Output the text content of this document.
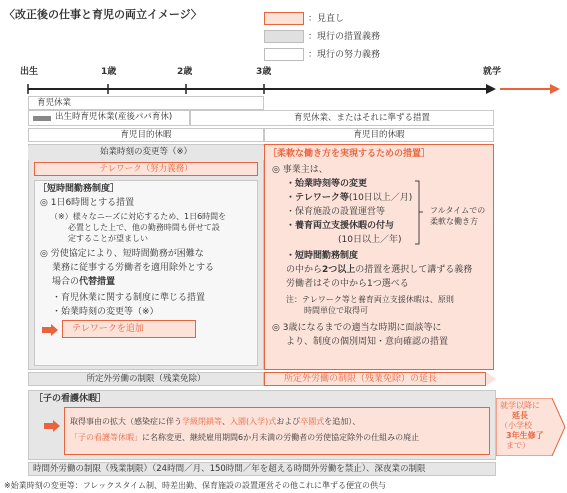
〈改正後の仕事と育児の両立イメージ〉	：見直し
：現行の措置義務
：現行の努力義務
出生	1歳	2歳	3歳	就学
育児休業
出生時育児休業(産後パパ育休)	育児休業、またはそれに準ずる措置
育児目的休暇	育児目的休暇
始業時刻の変更等（※）
テレワーク（努力義務）
［短時間勤務制度］
◎ 1日6時間とする措置
（※）様々なニーズに対応するため、1日6時間を
必置とした上で、他の勤務時間も併せて設
定することが望ましい
◎ 労使協定により、短時間勤務が困難な
業務に従事する労働者を適用除外とする
場合の代替措置
・育児休業に関する制度に準じる措置
・始業時刻の変更等（※）
テレワークを追加
［柔軟な働き方を実現するための措置］
◎ 事業主は、
・始業時刻等の変更
・テレワーク等(10日以上／月)
・保育施設の設置運営等
・養育両立支援休暇の付与
(10日以上／年)
フルタイムでの
柔軟な働き方
・短時間勤務制度
の中から2つ以上の措置を選択して講ずる義務
労働者はその中から1つ選べる
注：テレワーク等と養育両立支援休暇は、原則
時間単位で取得可
◎ 3歳になるまでの適当な時期に面談等に
より、制度の個別周知・意向確認の措置
所定外労働の制限（残業免除）	所定外労働の制限（残業免除）の延長
［子の看護休暇］
取得事由の拡大（感染症に伴う学級閉鎖等、入園(入学)式および卒園式を追加）、
「子の看護等休暇」に名称変更、継続雇用期間6か月未満の労働者の労使協定除外の仕組みの廃止
就学以降に
延長
（小学校
3年生修了
まで）
時間外労働の制限（残業制限）（24時間／月、150時間／年を超える時間外労働を禁止）、深夜業の制限
※始業時刻の変更等：フレックスタイム制、時差出勤、保育施設の設置運営その他これに準ずる便宜の供与
